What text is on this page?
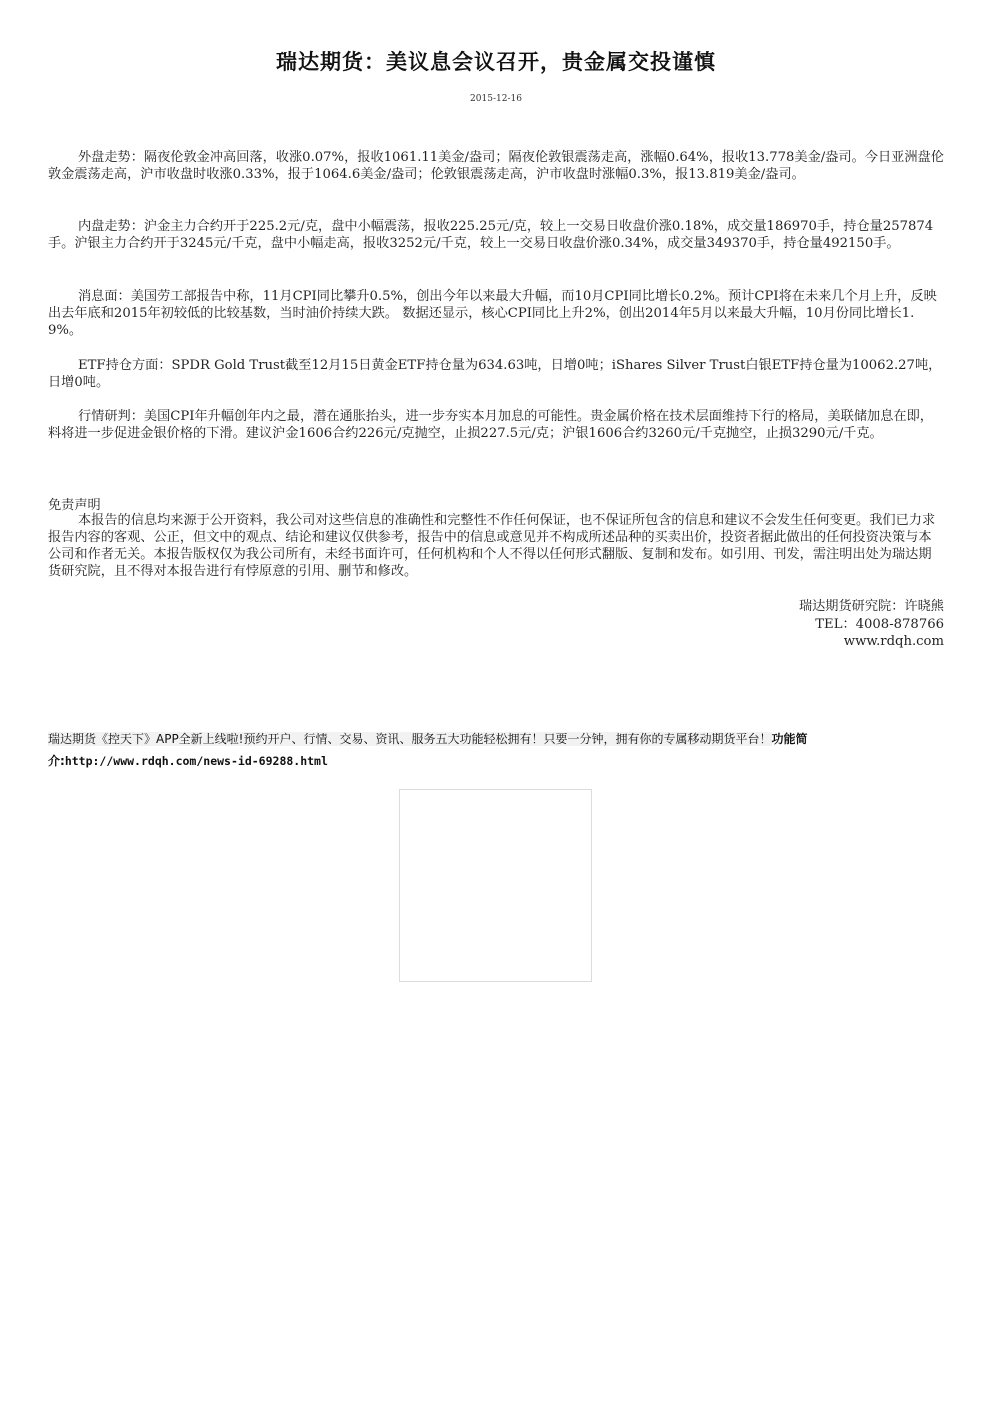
瑞达期货：美议息会议召开，贵金属交投谨慎
2015-12-16

外盘走势：隔夜伦敦金冲高回落，收涨0.07%，报收1061.11美金/盎司；隔夜伦敦银震荡走高，涨幅0.64%，报收13.778美金/盎司。今日亚洲盘伦敦金震荡走高，沪市收盘时收涨0.33%，报于1064.6美金/盎司；伦敦银震荡走高，沪市收盘时涨幅0.3%，报13.819美金/盎司。

内盘走势：沪金主力合约开于225.2元/克，盘中小幅震荡，报收225.25元/克，较上一交易日收盘价涨0.18%，成交量186970手，持仓量257874手。沪银主力合约开于3245元/千克，盘中小幅走高，报收3252元/千克，较上一交易日收盘价涨0.34%，成交量349370手，持仓量492150手。

消息面：美国劳工部报告中称，11月CPI同比攀升0.5%，创出今年以来最大升幅，而10月CPI同比增长0.2%。预计CPI将在未来几个月上升，反映出去年底和2015年初较低的比较基数，当时油价持续大跌。 数据还显示，核心CPI同比上升2%，创出2014年5月以来最大升幅，10月份同比增长1.9%。

ETF持仓方面：SPDR Gold Trust截至12月15日黄金ETF持仓量为634.63吨，日增0吨；iShares Silver Trust白银ETF持仓量为10062.27吨，日增0吨。

行情研判：美国CPI年升幅创年内之最，潜在通胀抬头，进一步夯实本月加息的可能性。贵金属价格在技术层面维持下行的格局，美联储加息在即，料将进一步促进金银价格的下滑。建议沪金1606合约226元/克抛空，止损227.5元/克；沪银1606合约3260元/千克抛空，止损3290元/千克。

免责声明

本报告的信息均来源于公开资料，我公司对这些信息的准确性和完整性不作任何保证，也不保证所包含的信息和建议不会发生任何变更。我们已力求报告内容的客观、公正，但文中的观点、结论和建议仅供参考，报告中的信息或意见并不构成所述品种的买卖出价，投资者据此做出的任何投资决策与本公司和作者无关。本报告版权仅为我公司所有，未经书面许可，任何机构和个人不得以任何形式翻版、复制和发布。如引用、刊发，需注明出处为瑞达期货研究院，且不得对本报告进行有悖原意的引用、删节和修改。

瑞达期货研究院：许晓熊
TEL：4008-878766
www.rdqh.com
瑞达期货《控天下》APP全新上线啦!预约开户、行情、交易、资讯、服务五大功能轻松拥有！只要一分钟，拥有你的专属移动期货平台！功能简介:http://www.rdqh.com/news-id-69288.html
